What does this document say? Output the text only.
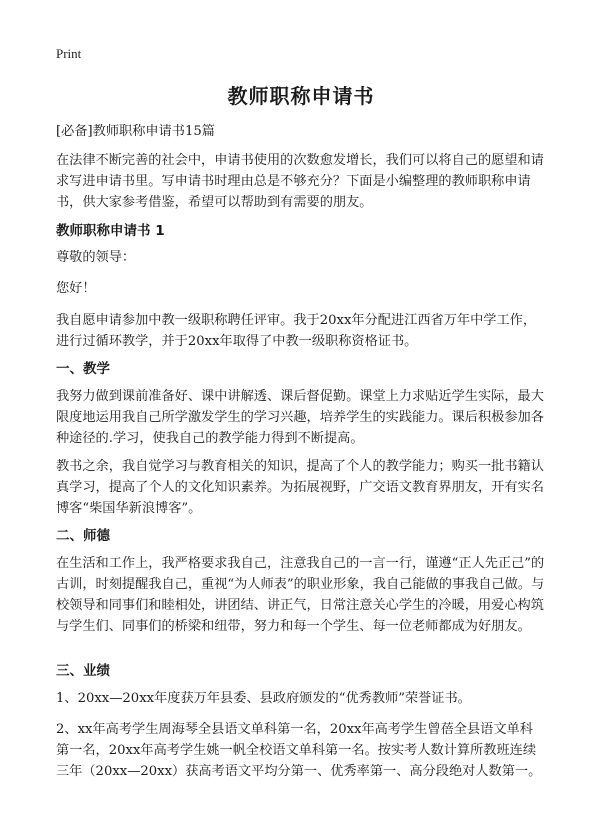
Print
教师职称申请书

[必备]教师职称申请书15篇

在法律不断完善的社会中，申请书使用的次数愈发增长，我们可以将自己的愿望和请求写进申请书里。写申请书时理由总是不够充分？下面是小编整理的教师职称申请书，供大家参考借鉴，希望可以帮助到有需要的朋友。

教师职称申请书 1

尊敬的领导：

您好！

我自愿申请参加中教一级职称聘任评审。我于20xx年分配进江西省万年中学工作，进行过循环教学，并于20xx年取得了中教一级职称资格证书。

一、教学

我努力做到课前准备好、课中讲解透、课后督促勤。课堂上力求贴近学生实际，最大限度地运用我自己所学激发学生的学习兴趣，培养学生的实践能力。课后积极参加各种途径的.学习，使我自己的教学能力得到不断提高。

教书之余，我自觉学习与教育相关的知识，提高了个人的教学能力；购买一批书籍认真学习，提高了个人的文化知识素养。为拓展视野，广交语文教育界朋友，开有实名博客“柴国华新浪博客”。

二、师德

在生活和工作上，我严格要求我自己，注意我自己的一言一行，谨遵“正人先正己”的古训，时刻提醒我自己，重视“为人师表”的职业形象，我自己能做的事我自己做。与校领导和同事们和睦相处，讲团结、讲正气，日常注意关心学生的冷暖，用爱心构筑与学生们、同事们的桥梁和纽带，努力和每一个学生、每一位老师都成为好朋友。

三、业绩

1、20xx—20xx年度获万年县委、县政府颁发的“优秀教师”荣誉证书。

2、xx年高考学生周海琴全县语文单科第一名，20xx年高考学生曾蓓全县语文单科第一名，20xx年高考学生姚一帆全校语文单科第一名。按实考人数计算所教班连续三年（20xx—20xx）获高考语文平均分第一、优秀率第一、高分段绝对人数第一。
